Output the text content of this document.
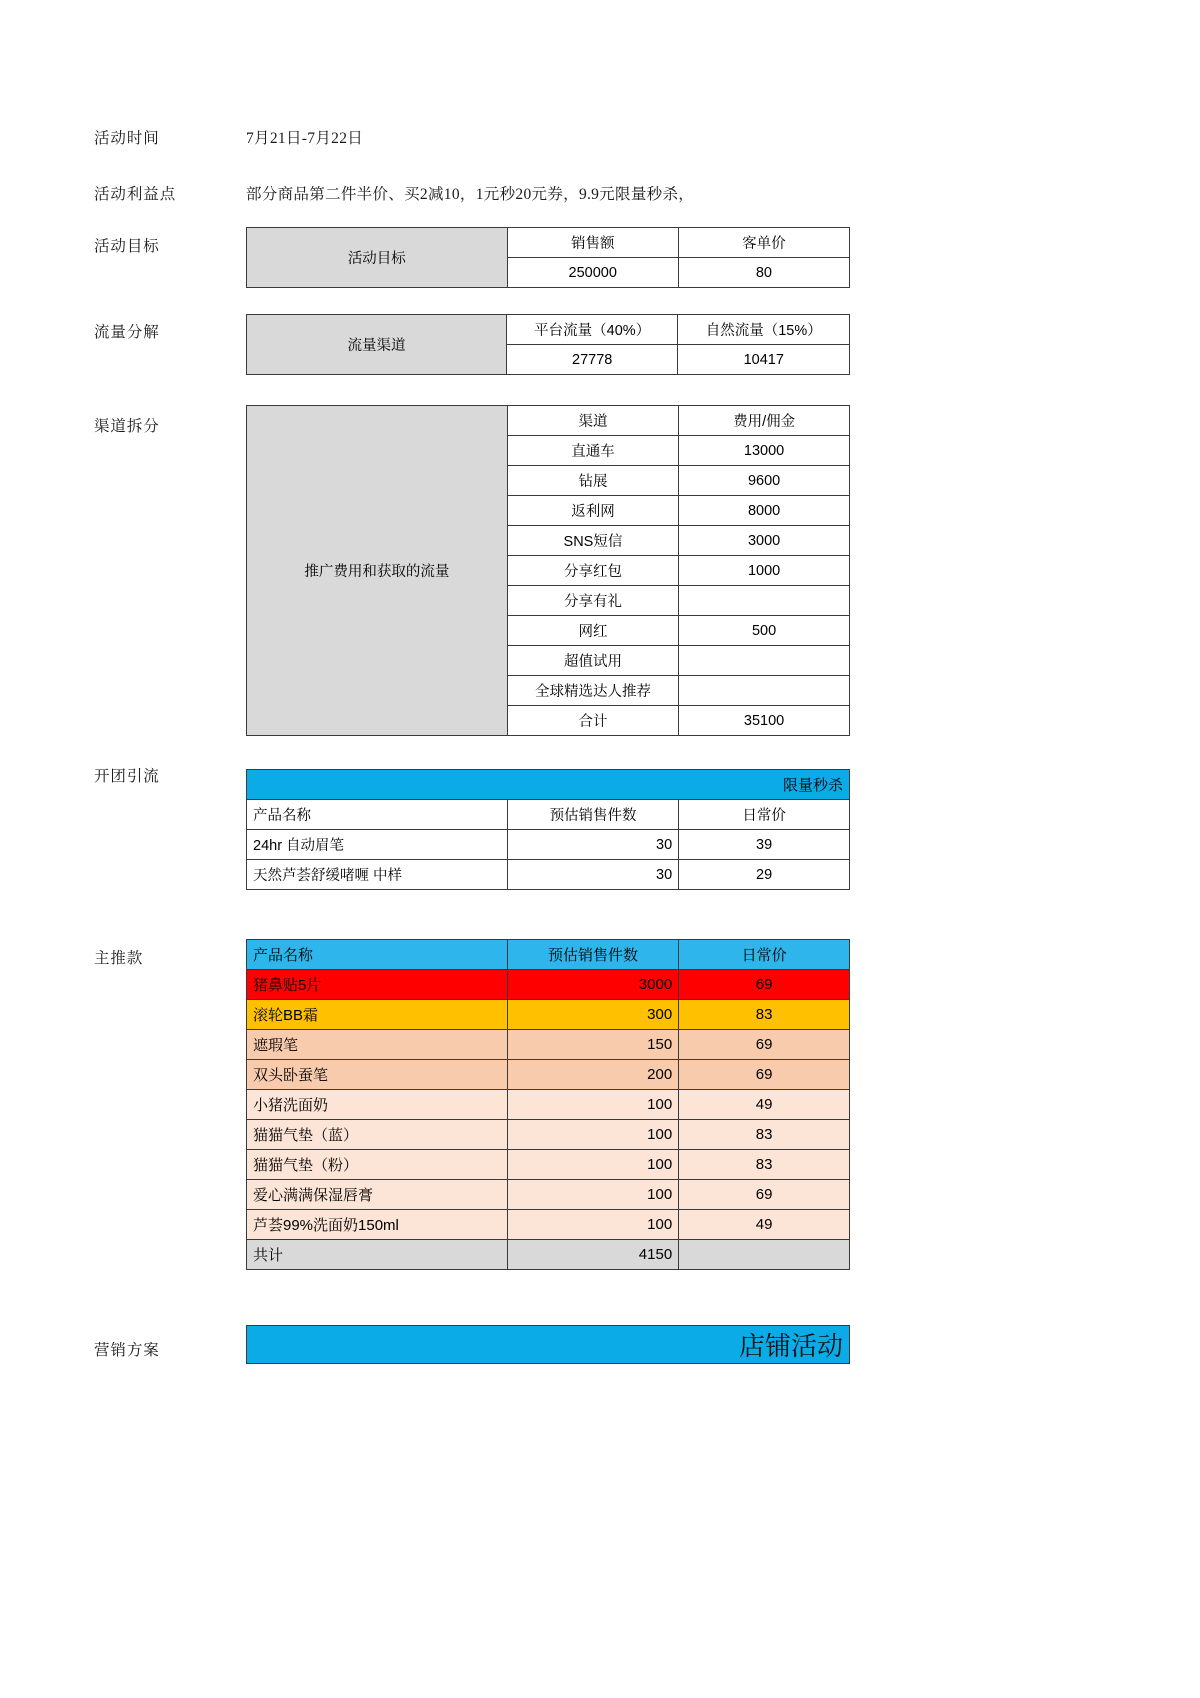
活动时间	7月21日-7月22日
活动利益点	部分商品第二件半价、买2减10，1元秒20元券，9.9元限量秒杀，
活动目标
活动目标	销售额	客单价
	250000	80
流量分解
流量渠道	平台流量（40%）	自然流量（15%）
	27778	10417
渠道拆分
推广费用和获取的流量	渠道	费用/佣金
	直通车	13000
	钻展	9600
	返利网	8000
	SNS短信	3000
	分享红包	1000
	分享有礼	
	网红	500
	超值试用	
	全球精选达人推荐	
	合计	35100
开团引流
限量秒杀		
产品名称	预估销售件数	日常价
24hr 自动眉笔	30	39
天然芦荟舒缓啫喱 中样	30	29
主推款	产品名称	预估销售件数	日常价
猪鼻贴5片	3000	69
滚轮BB霜	300	83
遮瑕笔	150	69
双头卧蚕笔	200	69
小猪洗面奶	100	49
猫猫气垫（蓝）	100	83
猫猫气垫（粉）	100	83
爱心满满保湿唇膏	100	69
芦荟99%洗面奶150ml	100	49
共计	4150	
营销方案	店铺活动
